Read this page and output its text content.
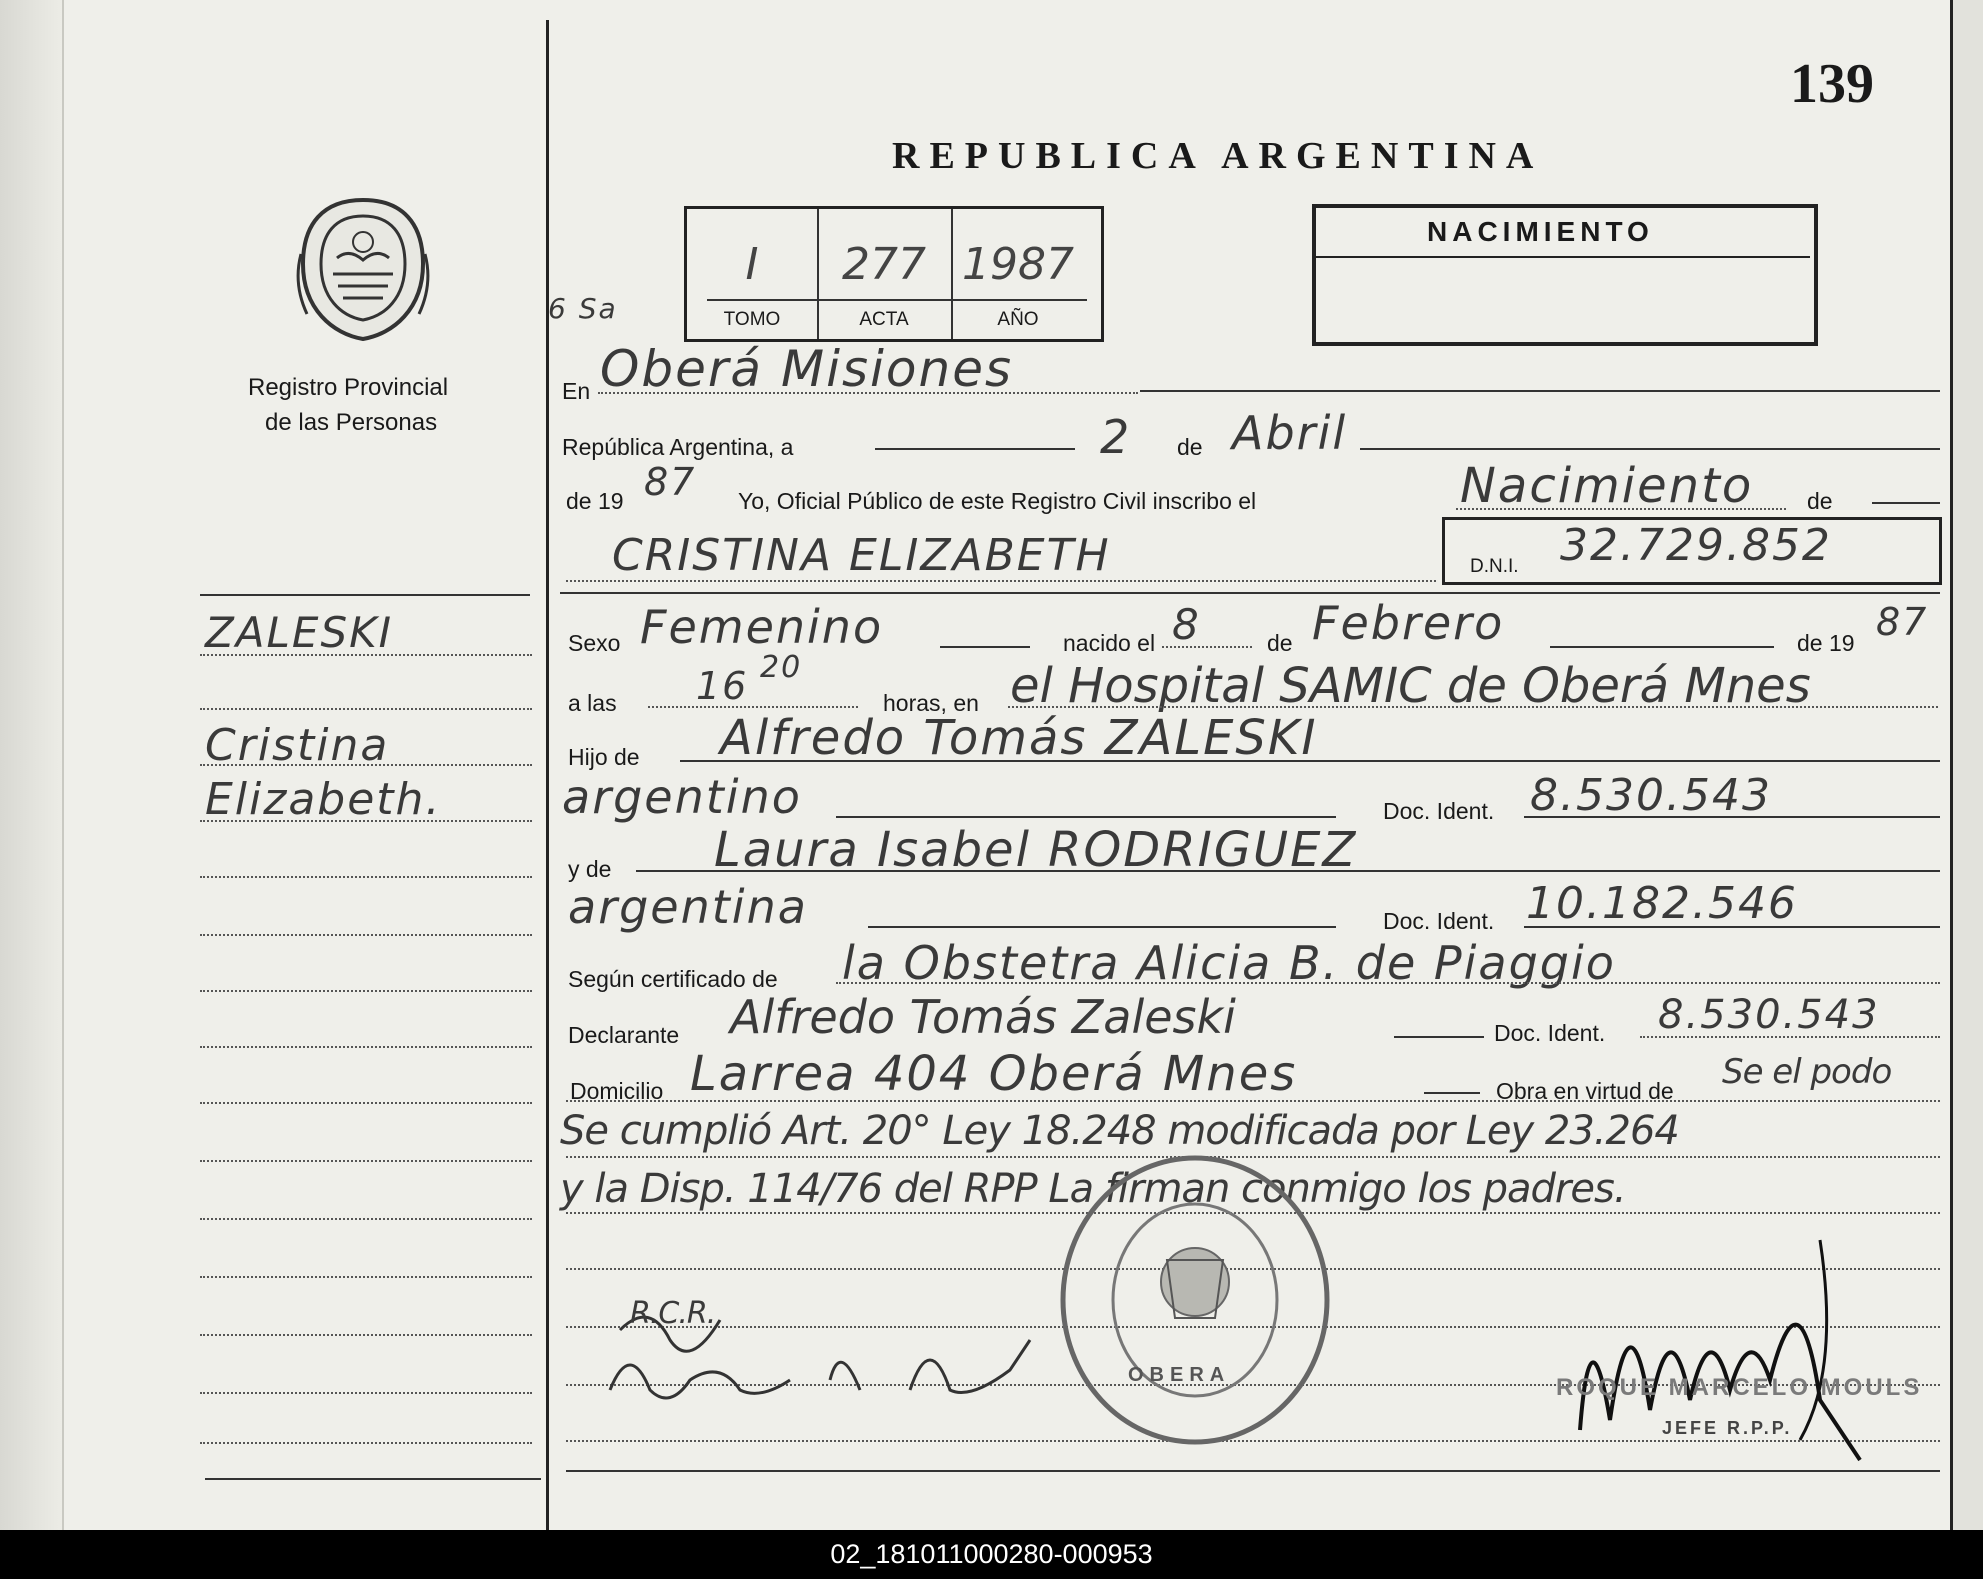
139
REPUBLICA ARGENTINA
Registro Provincial
de las Personas
6 Sa
I	277 1987
TOMO	ACTA	AÑO
NACIMIENTO
ZALESKI
Cristina
Elizabeth.
En Oberá Misiones
República Argentina, a	2 de Abril
de 19 87 Yo, Oficial Público de este Registro Civil inscribo el	Nacimiento de
CRISTINA ELIZABETH	D.N.I. 32.729.852
Sexo Femenino	nacido el 8	de Febrero	de 19 87
a las 16 20
horas, en el Hospital SAMIC de Oberá Mnes
Hijo de Alfredo Tomás ZALESKI
argentino	Doc. Ident. 8.530.543
y de Laura Isabel RODRIGUEZ
argentina	Doc. Ident. 10.182.546
Según certificado de la Obstetra Alicia B. de Piaggio
Declarante Alfredo Tomás Zaleski	Doc. Ident. 8.530.543
Domicilio Larrea 404 Oberá Mnes	Obra en virtud de Se el podo
Se cumplió Art. 20° Ley 18.248 modificada por Ley 23.264
y la Disp. 114/76 del RPP La firman conmigo los padres.
OBERA
R.C.R.
ROQUE MARCELO MOULS
JEFE R.P.P.
02_181011000280-000953
